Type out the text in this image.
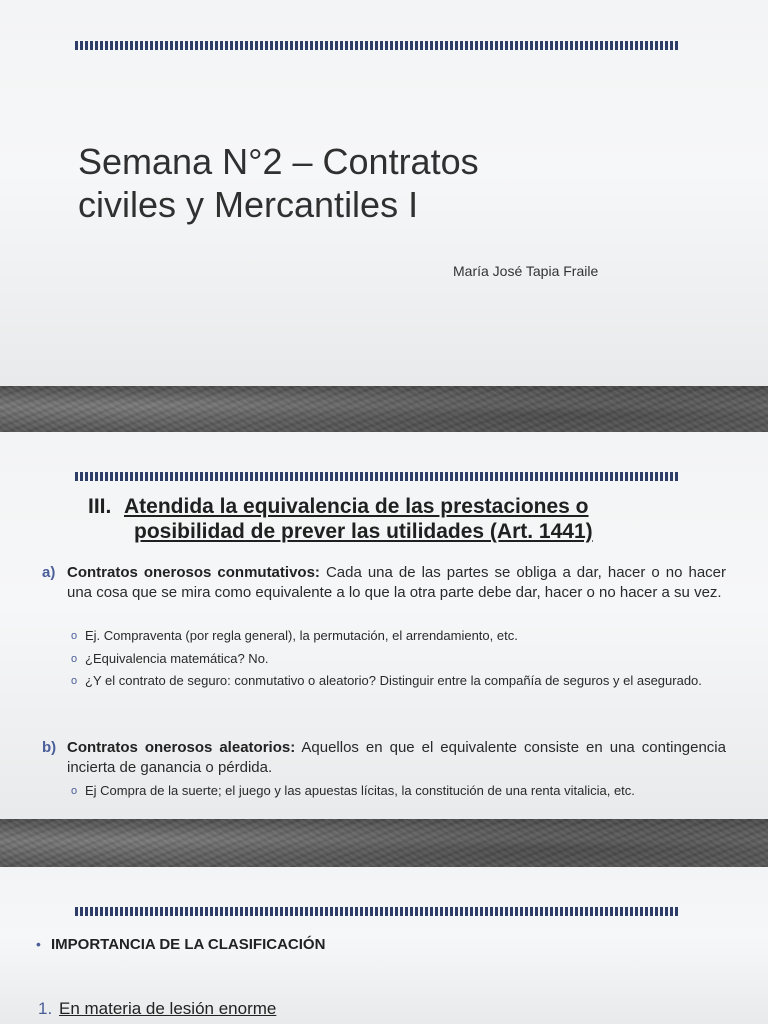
Semana N°2 – Contratos
civiles y Mercantiles I
María José Tapia Fraile
III. Atendida la equivalencia de las prestaciones o
posibilidad de prever las utilidades (Art. 1441)
a) Contratos onerosos conmutativos: Cada una de las partes se obliga a dar, hacer o no hacer una cosa que se mira como equivalente a lo que la otra parte debe dar, hacer o no hacer a su vez.

o Ej. Compraventa (por regla general), la permutación, el arrendamiento, etc.
o ¿Equivalencia matemática? No.
o ¿Y el contrato de seguro: conmutativo o aleatorio? Distinguir entre la compañía de seguros y el asegurado.
b) Contratos onerosos aleatorios: Aquellos en que el equivalente consiste en una contingencia incierta de ganancia o pérdida.

o Ej Compra de la suerte; el juego y las apuestas lícitas, la constitución de una renta vitalicia, etc.
• IMPORTANCIA DE LA CLASIFICACIÓN
1. En materia de lesión enorme
